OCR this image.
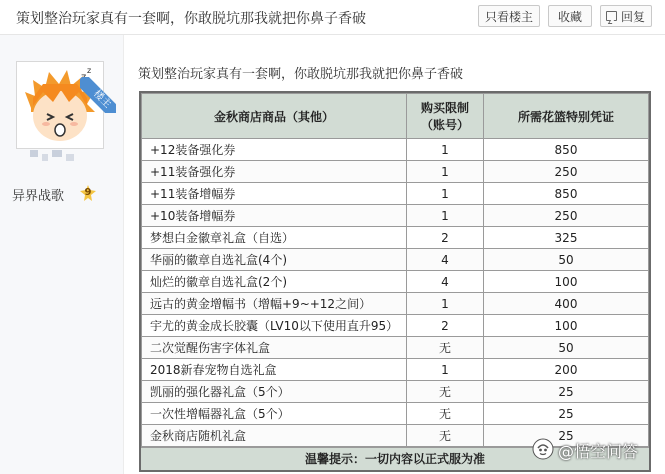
策划整治玩家真有一套啊，你敢脱坑那我就把你鼻子香破	只看楼主	收藏	回复
z
楼主
异界战歌	9
策划整治玩家真有一套啊，你敢脱坑那我就把你鼻子香破
金秋商店商品（其他）	购买限制（账号）	所需花篮特别凭证
+12装备强化券	1	850
+11装备强化券	1	250
+11装备增幅券	1	850
+10装备增幅券	1	250
梦想白金徽章礼盒（自选）	2	325
华丽的徽章自选礼盒(4个)	4	50
灿烂的徽章自选礼盒(2个)	4	100
远古的黄金增幅书（增幅+9~+12之间）	1	400
宇尤的黄金成长胶囊（LV10以下使用直升95）	2	100
二次觉醒伤害字体礼盒	无	50
2018新春宠物自选礼盒	1	200
凯丽的强化器礼盒（5个）	无	25
一次性增幅器礼盒（5个）	无	25
金秋商店随机礼盒	无	25
温馨提示：一切内容以正式服为准	@悟空问答
